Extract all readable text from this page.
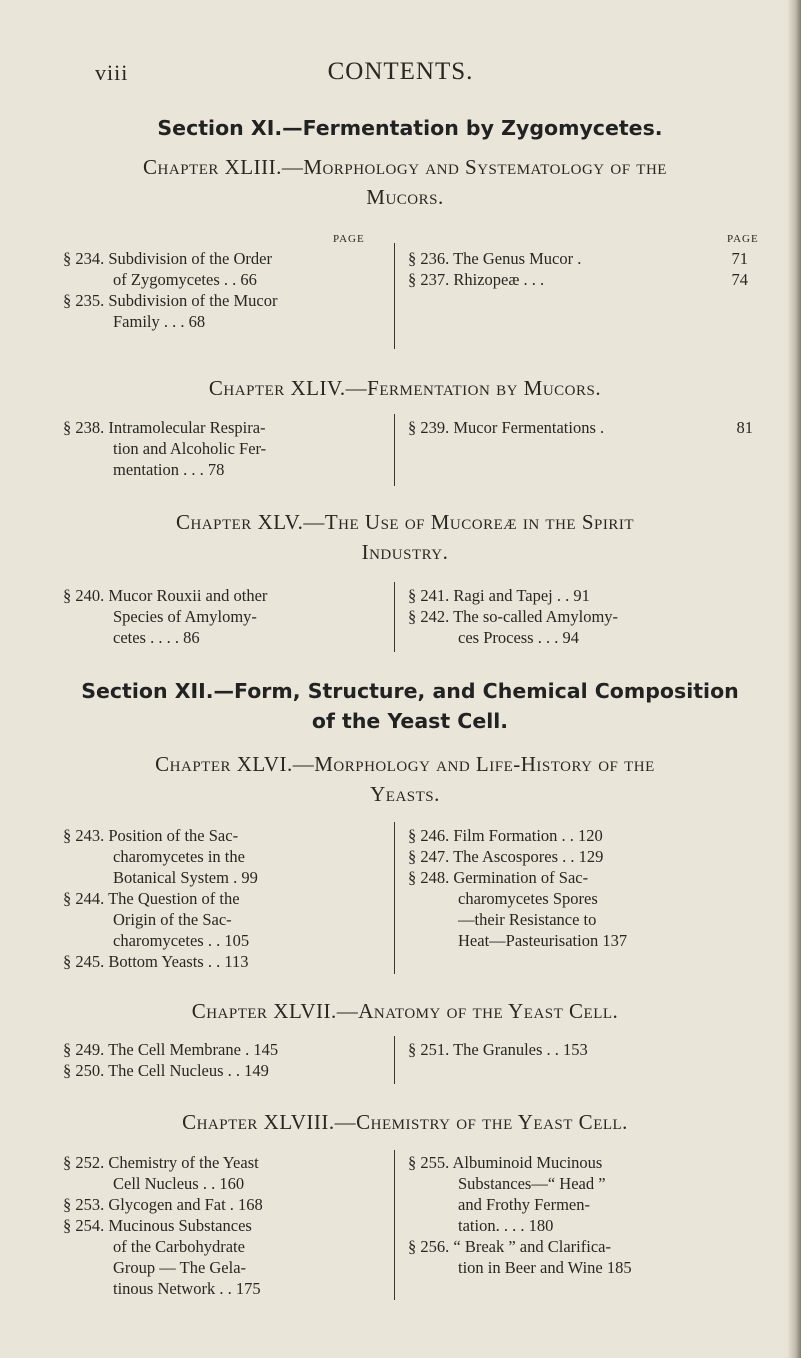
viii	CONTENTS.
Section XI.—Fermentation by Zygomycetes.
Chapter XLIII.—Morphology and Systematology of the
Mucors.
PAGE	PAGE
§ 234. Subdivision of the Order
of Zygomycetes . . 66
§ 235. Subdivision of the Mucor
Family . . . 68
§ 236. The Genus Mucor .	71
§ 237. Rhizopeæ . . .	74
Chapter XLIV.—Fermentation by Mucors.
§ 238. Intramolecular Respira-
tion and Alcoholic Fer-
mentation . . . 78
§ 239. Mucor Fermentations .	81
Chapter XLV.—The Use of Mucoreæ in the Spirit
Industry.
§ 240. Mucor Rouxii and other
Species of Amylomy-
cetes . . . . 86
§ 241. Ragi and Tapej . . 91
§ 242. The so-called Amylomy-
ces Process . . . 94
Section XII.—Form, Structure, and Chemical Composition
of the Yeast Cell.
Chapter XLVI.—Morphology and Life-History of the
Yeasts.
§ 243. Position of the Sac-
charomycetes in the
Botanical System . 99
§ 244. The Question of the
Origin of the Sac-
charomycetes . . 105
§ 245. Bottom Yeasts . . 113
§ 246. Film Formation . . 120
§ 247. The Ascospores . . 129
§ 248. Germination of Sac-
charomycetes Spores
—their Resistance to
Heat—Pasteurisation 137
Chapter XLVII.—Anatomy of the Yeast Cell.
§ 249. The Cell Membrane . 145
§ 250. The Cell Nucleus . . 149
§ 251. The Granules . . 153
Chapter XLVIII.—Chemistry of the Yeast Cell.
§ 252. Chemistry of the Yeast
Cell Nucleus . . 160
§ 253. Glycogen and Fat . 168
§ 254. Mucinous Substances
of the Carbohydrate
Group — The Gela-
tinous Network . . 175
§ 255. Albuminoid Mucinous
Substances—“ Head ”
and Frothy Fermen-
tation. . . . 180
§ 256. “ Break ” and Clarifica-
tion in Beer and Wine 185
